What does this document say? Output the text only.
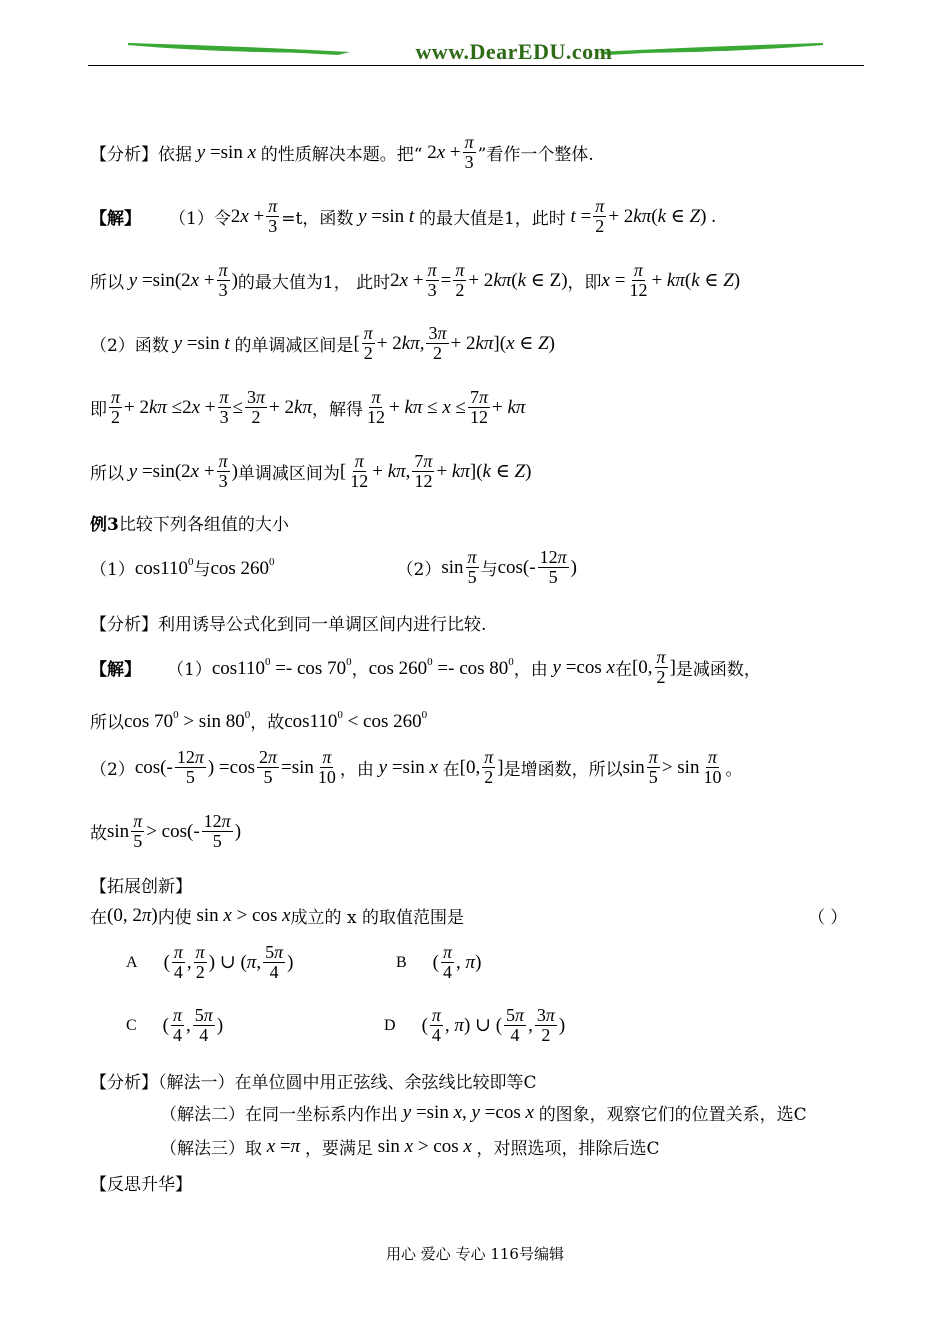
www.DearEDU.com
【分析】依据 y =sin x 的性质解决本题。把“ $2x + \frac{\pi}{3}$ ”看作一个整体.
【解】 （1）令 $2x + \frac{\pi}{3} =t$，函数 y =sin t 的最大值是1，此时 $t = \frac{\pi}{2} + 2k\pi(k$ ∈ Z) .
所以 $y =\sin(2x + \frac{\pi}{3}$ ) 的最大值为1， 此时 $2x + \frac{\pi}{3} = \frac{\pi}{2} + 2k\pi(k$ ∈ Z) ，即 $x = \frac{\pi}{12} + k\pi(k$ ∈ Z)
（2）函数 y =sin t 的单调减区间是 [ π
2 + 2kπ, 3π
2 + 2kπ](x ∈ Z)
即
π
$2 + 2k\pi \le 2x + \frac{\pi}{3} \le \frac{3\pi}{2} + 2k\pi$ ，解得
π
$12 + k\pi \le x \le \frac{7\pi}{12} + k\pi$
所以 $y =\sin(2x + \frac{\pi}{3}$ ) 单调减区间为 [ π
12 + kπ, 7π
12 + kπ](k ∈ Z)
例3 比较下列各组值的大小
（1） $\cos 110^0$ 与 $\cos 260^0$	（2） sin π
5 与 cos(- 12π
5 )
【分析】利用诱导公式化到同一单调区间内进行比较.
【解】 （1） $\cos 110^0 =- \cos 70^0$ ， $\cos 260^0 =- \cos 80^0$ ，由 y =cos x 在 [0, π
2 ] 是减函数，
所以 $\cos 70^0 > \sin 80^0$ ，故 $\cos 110^0 < \cos 260^0$
（2） cos(- 12π
5 ) $=\cos \frac{2\pi}{5} =\sin$ π
10 ，由 y =sin x 在 [0, π
2 ] 是增函数，所以 sin π
5 > sin π
10 。
故 sin π
5 > cos(- 12π
5 )
【拓展创新】
在 (0, 2π) 内使 sin x > cos x 成立的 x 的取值范围是	（ ）
A ( π
4 , π
2 ) ∪ (π, 5π
4 )	B ( π
4 , π)
C ( π
4 , 5π
4 )	D ( π
4 , π) ∪ ( 5π
4 , 3π
2 )
【分析】（解法一）在单位圆中用正弦线、余弦线比较即等C
（解法二）在同一坐标系内作出 y =sin x, y =cos x 的图象，观察它们的位置关系，选C
（解法三）取 x =π ，要满足 sin x > cos x ，对照选项，排除后选C
【反思升华】
用心 爱心 专心 116号编辑
